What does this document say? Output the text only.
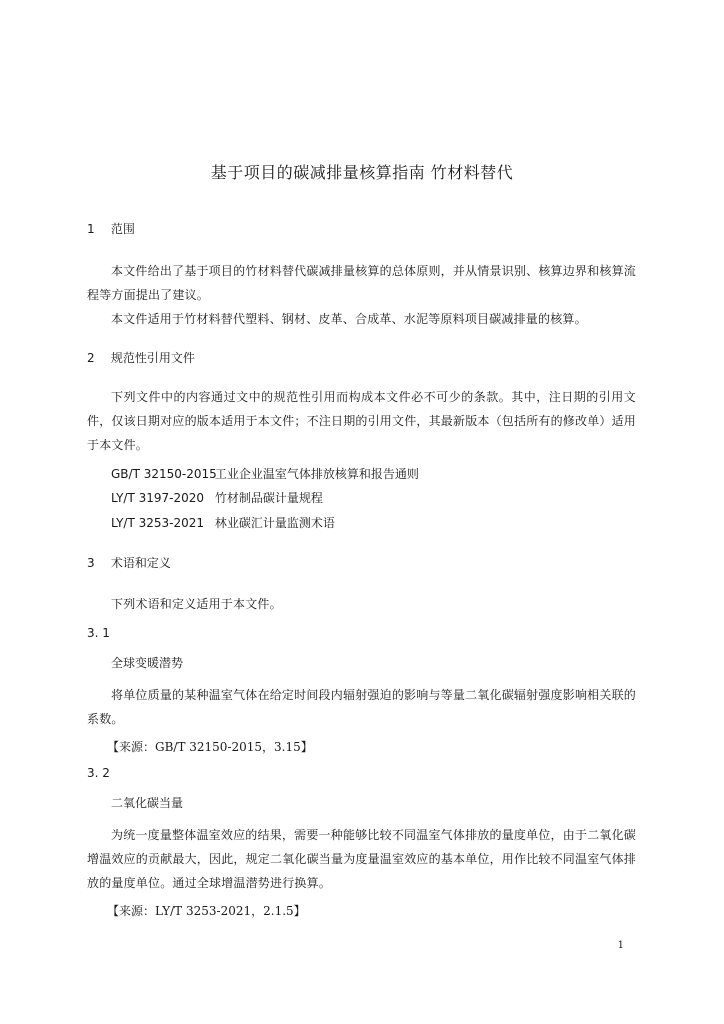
基于项目的碳减排量核算指南 竹材料替代
1 范围
本文件给出了基于项目的竹材料替代碳减排量核算的总体原则，并从情景识别、核算边界和核算流程等方面提出了建议。
本文件适用于竹材料替代塑料、钢材、皮革、合成革、水泥等原料项目碳减排量的核算。
2 规范性引用文件
下列文件中的内容通过文中的规范性引用而构成本文件必不可少的条款。其中，注日期的引用文件，仅该日期对应的版本适用于本文件；不注日期的引用文件，其最新版本（包括所有的修改单）适用于本文件。
GB/T 32150-2015 工业企业温室气体排放核算和报告通则
LY/T 3197-2020 竹材制品碳计量规程
LY/T 3253-2021 林业碳汇计量监测术语
3 术语和定义
下列术语和定义适用于本文件。
3. 1
全球变暖潜势
将单位质量的某种温室气体在给定时间段内辐射强迫的影响与等量二氧化碳辐射强度影响相关联的系数。
【来源：GB/T 32150-2015，3.15】
3. 2
二氧化碳当量
为统一度量整体温室效应的结果，需要一种能够比较不同温室气体排放的量度单位，由于二氧化碳增温效应的贡献最大，因此，规定二氧化碳当量为度量温室效应的基本单位，用作比较不同温室气体排放的量度单位。通过全球增温潜势进行换算。
【来源：LY/T 3253-2021，2.1.5】
1
